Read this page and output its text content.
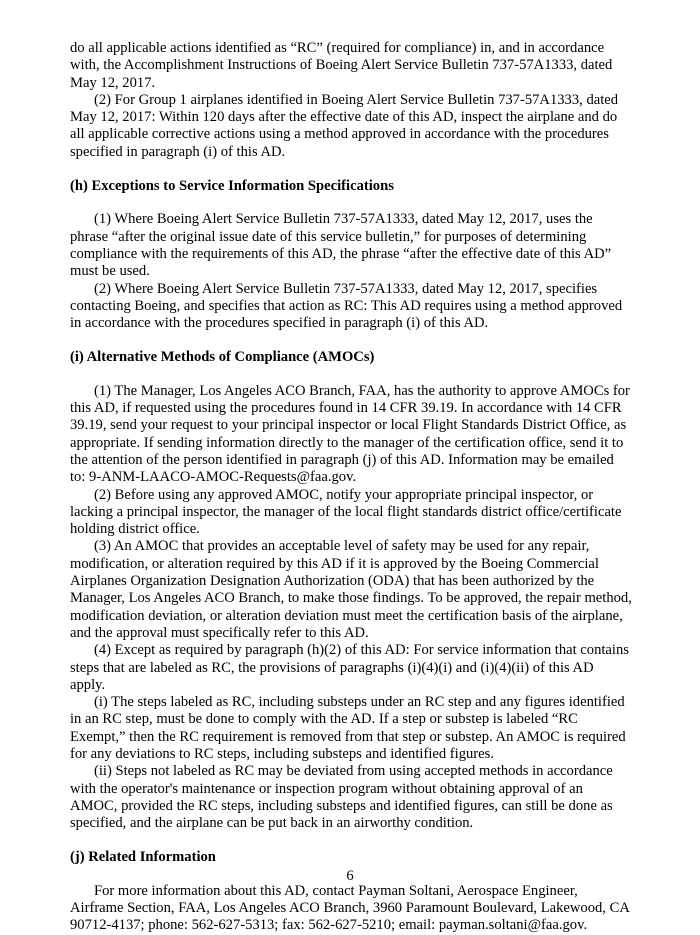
do all applicable actions identified as “RC” (required for compliance) in, and in accordance with, the Accomplishment Instructions of Boeing Alert Service Bulletin 737-57A1333, dated May 12, 2017.

(2) For Group 1 airplanes identified in Boeing Alert Service Bulletin 737-57A1333, dated May 12, 2017: Within 120 days after the effective date of this AD, inspect the airplane and do all applicable corrective actions using a method approved in accordance with the procedures specified in paragraph (i) of this AD.

(h) Exceptions to Service Information Specifications

(1) Where Boeing Alert Service Bulletin 737-57A1333, dated May 12, 2017, uses the phrase “after the original issue date of this service bulletin,” for purposes of determining compliance with the requirements of this AD, the phrase “after the effective date of this AD” must be used.

(2) Where Boeing Alert Service Bulletin 737-57A1333, dated May 12, 2017, specifies contacting Boeing, and specifies that action as RC: This AD requires using a method approved in accordance with the procedures specified in paragraph (i) of this AD.

(i) Alternative Methods of Compliance (AMOCs)

(1) The Manager, Los Angeles ACO Branch, FAA, has the authority to approve AMOCs for this AD, if requested using the procedures found in 14 CFR 39.19. In accordance with 14 CFR 39.19, send your request to your principal inspector or local Flight Standards District Office, as appropriate. If sending information directly to the manager of the certification office, send it to the attention of the person identified in paragraph (j) of this AD. Information may be emailed to: 9-ANM-LAACO-AMOC-Requests@faa.gov.

(2) Before using any approved AMOC, notify your appropriate principal inspector, or lacking a principal inspector, the manager of the local flight standards district office/certificate holding district office.

(3) An AMOC that provides an acceptable level of safety may be used for any repair, modification, or alteration required by this AD if it is approved by the Boeing Commercial Airplanes Organization Designation Authorization (ODA) that has been authorized by the Manager, Los Angeles ACO Branch, to make those findings. To be approved, the repair method, modification deviation, or alteration deviation must meet the certification basis of the airplane, and the approval must specifically refer to this AD.

(4) Except as required by paragraph (h)(2) of this AD: For service information that contains steps that are labeled as RC, the provisions of paragraphs (i)(4)(i) and (i)(4)(ii) of this AD apply.

(i) The steps labeled as RC, including substeps under an RC step and any figures identified in an RC step, must be done to comply with the AD. If a step or substep is labeled “RC Exempt,” then the RC requirement is removed from that step or substep. An AMOC is required for any deviations to RC steps, including substeps and identified figures.

(ii) Steps not labeled as RC may be deviated from using accepted methods in accordance with the operator's maintenance or inspection program without obtaining approval of an AMOC, provided the RC steps, including substeps and identified figures, can still be done as specified, and the airplane can be put back in an airworthy condition.

(j) Related Information

For more information about this AD, contact Payman Soltani, Aerospace Engineer, Airframe Section, FAA, Los Angeles ACO Branch, 3960 Paramount Boulevard, Lakewood, CA 90712-4137; phone: 562-627-5313; fax: 562-627-5210; email: payman.soltani@faa.gov.

6
